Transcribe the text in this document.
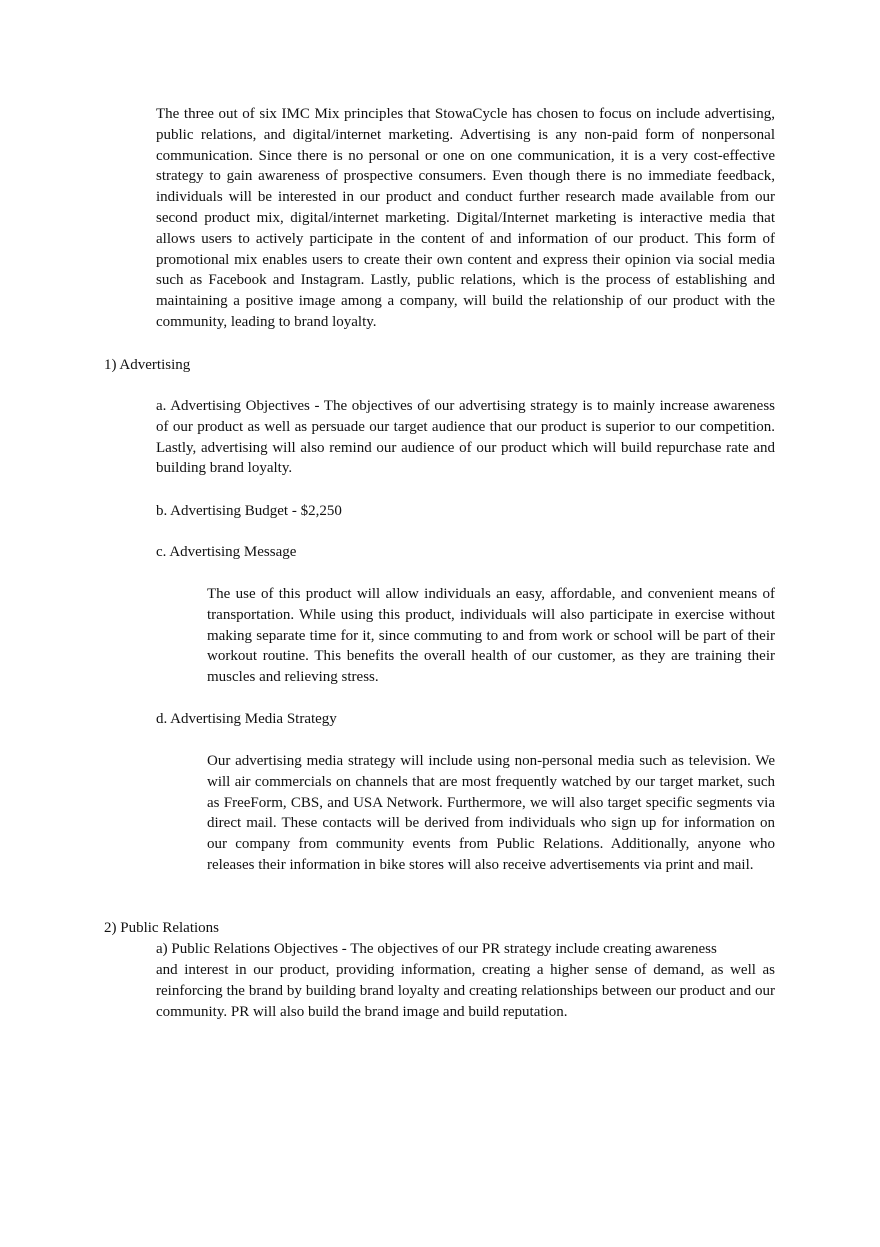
The three out of six IMC Mix principles that StowaCycle has chosen to focus on include advertising, public relations, and digital/internet marketing. Advertising is any non-paid form of nonpersonal communication. Since there is no personal or one on one communication, it is a very cost-effective strategy to gain awareness of prospective consumers. Even though there is no immediate feedback, individuals will be interested in our product and conduct further research made available from our second product mix, digital/internet marketing. Digital/Internet marketing is interactive media that allows users to actively participate in the content of and information of our product. This form of promotional mix enables users to create their own content and express their opinion via social media such as Facebook and Instagram. Lastly, public relations, which is the process of establishing and maintaining a positive image among a company, will build the relationship of our product with the community, leading to brand loyalty.

1) Advertising

a. Advertising Objectives - The objectives of our advertising strategy is to mainly increase awareness of our product as well as persuade our target audience that our product is superior to our competition. Lastly, advertising will also remind our audience of our product which will build repurchase rate and building brand loyalty.

b. Advertising Budget - $2,250
c. Advertising Message

The use of this product will allow individuals an easy, affordable, and convenient means of transportation. While using this product, individuals will also participate in exercise without making separate time for it, since commuting to and from work or school will be part of their workout routine. This benefits the overall health of our customer, as they are training their muscles and relieving stress.

d. Advertising Media Strategy

Our advertising media strategy will include using non-personal media such as television. We will air commercials on channels that are most frequently watched by our target market, such as FreeForm, CBS, and USA Network. Furthermore, we will also target specific segments via direct mail. These contacts will be derived from individuals who sign up for information on our company from community events from Public Relations. Additionally, anyone who releases their information in bike stores will also receive advertisements via print and mail.

2) Public Relations
a) Public Relations Objectives - The objectives of our PR strategy include creating awareness

and interest in our product, providing information, creating a higher sense of demand, as well as reinforcing the brand by building brand loyalty and creating relationships between our product and our community. PR will also build the brand image and build reputation.
